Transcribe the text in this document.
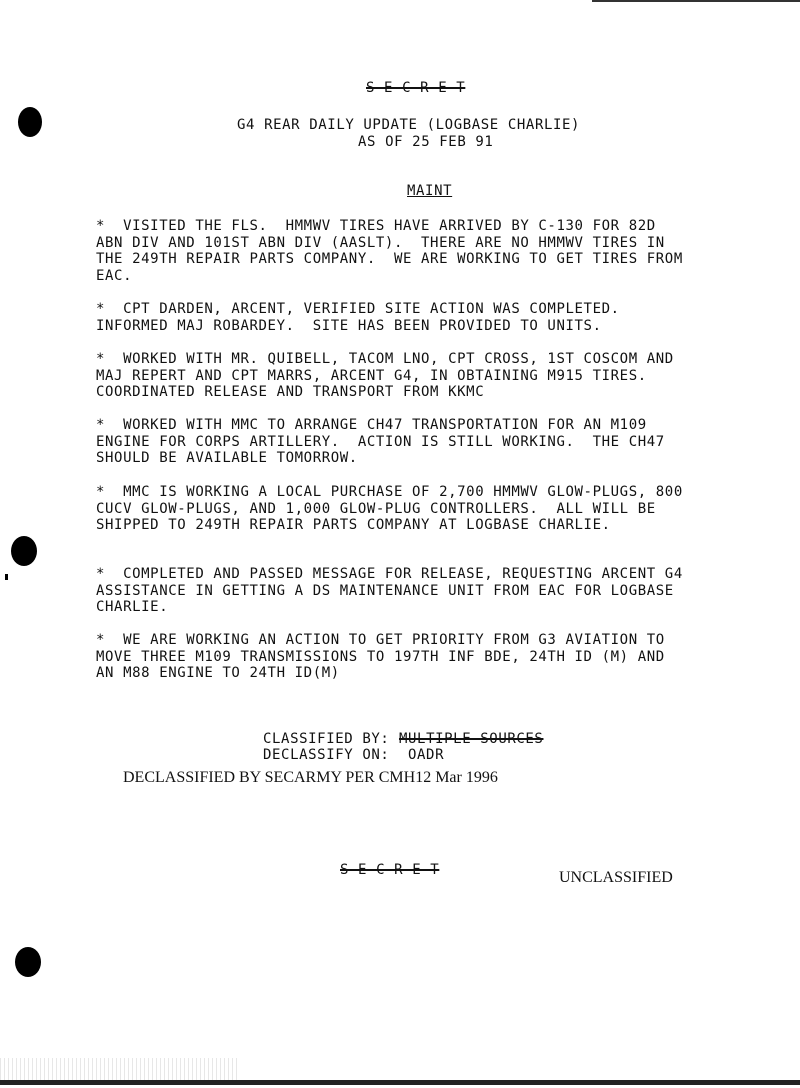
S E C R E T
G4 REAR DAILY UPDATE (LOGBASE CHARLIE)
AS OF 25 FEB 91
MAINT
*  VISITED THE FLS.  HMMWV TIRES HAVE ARRIVED BY C-130 FOR 82D
ABN DIV AND 101ST ABN DIV (AASLT).  THERE ARE NO HMMWV TIRES IN
THE 249TH REPAIR PARTS COMPANY.  WE ARE WORKING TO GET TIRES FROM
EAC.
*  CPT DARDEN, ARCENT, VERIFIED SITE ACTION WAS COMPLETED.
INFORMED MAJ ROBARDEY.  SITE HAS BEEN PROVIDED TO UNITS.
*  WORKED WITH MR. QUIBELL, TACOM LNO, CPT CROSS, 1ST COSCOM AND
MAJ REPERT AND CPT MARRS, ARCENT G4, IN OBTAINING M915 TIRES.
COORDINATED RELEASE AND TRANSPORT FROM KKMC
*  WORKED WITH MMC TO ARRANGE CH47 TRANSPORTATION FOR AN M109
ENGINE FOR CORPS ARTILLERY.  ACTION IS STILL WORKING.  THE CH47
SHOULD BE AVAILABLE TOMORROW.
*  MMC IS WORKING A LOCAL PURCHASE OF 2,700 HMMWV GLOW-PLUGS, 800
CUCV GLOW-PLUGS, AND 1,000 GLOW-PLUG CONTROLLERS.  ALL WILL BE
SHIPPED TO 249TH REPAIR PARTS COMPANY AT LOGBASE CHARLIE.
*  COMPLETED AND PASSED MESSAGE FOR RELEASE, REQUESTING ARCENT G4
ASSISTANCE IN GETTING A DS MAINTENANCE UNIT FROM EAC FOR LOGBASE
CHARLIE.
*  WE ARE WORKING AN ACTION TO GET PRIORITY FROM G3 AVIATION TO
MOVE THREE M109 TRANSMISSIONS TO 197TH INF BDE, 24TH ID (M) AND
AN M88 ENGINE TO 24TH ID(M)
CLASSIFIED BY: MULTIPLE SOURCES
DECLASSIFY ON: OADR
DECLASSIFIED BY SECARMY PER CMH12 Mar 1996
S E C R E T	UNCLASSIFIED
